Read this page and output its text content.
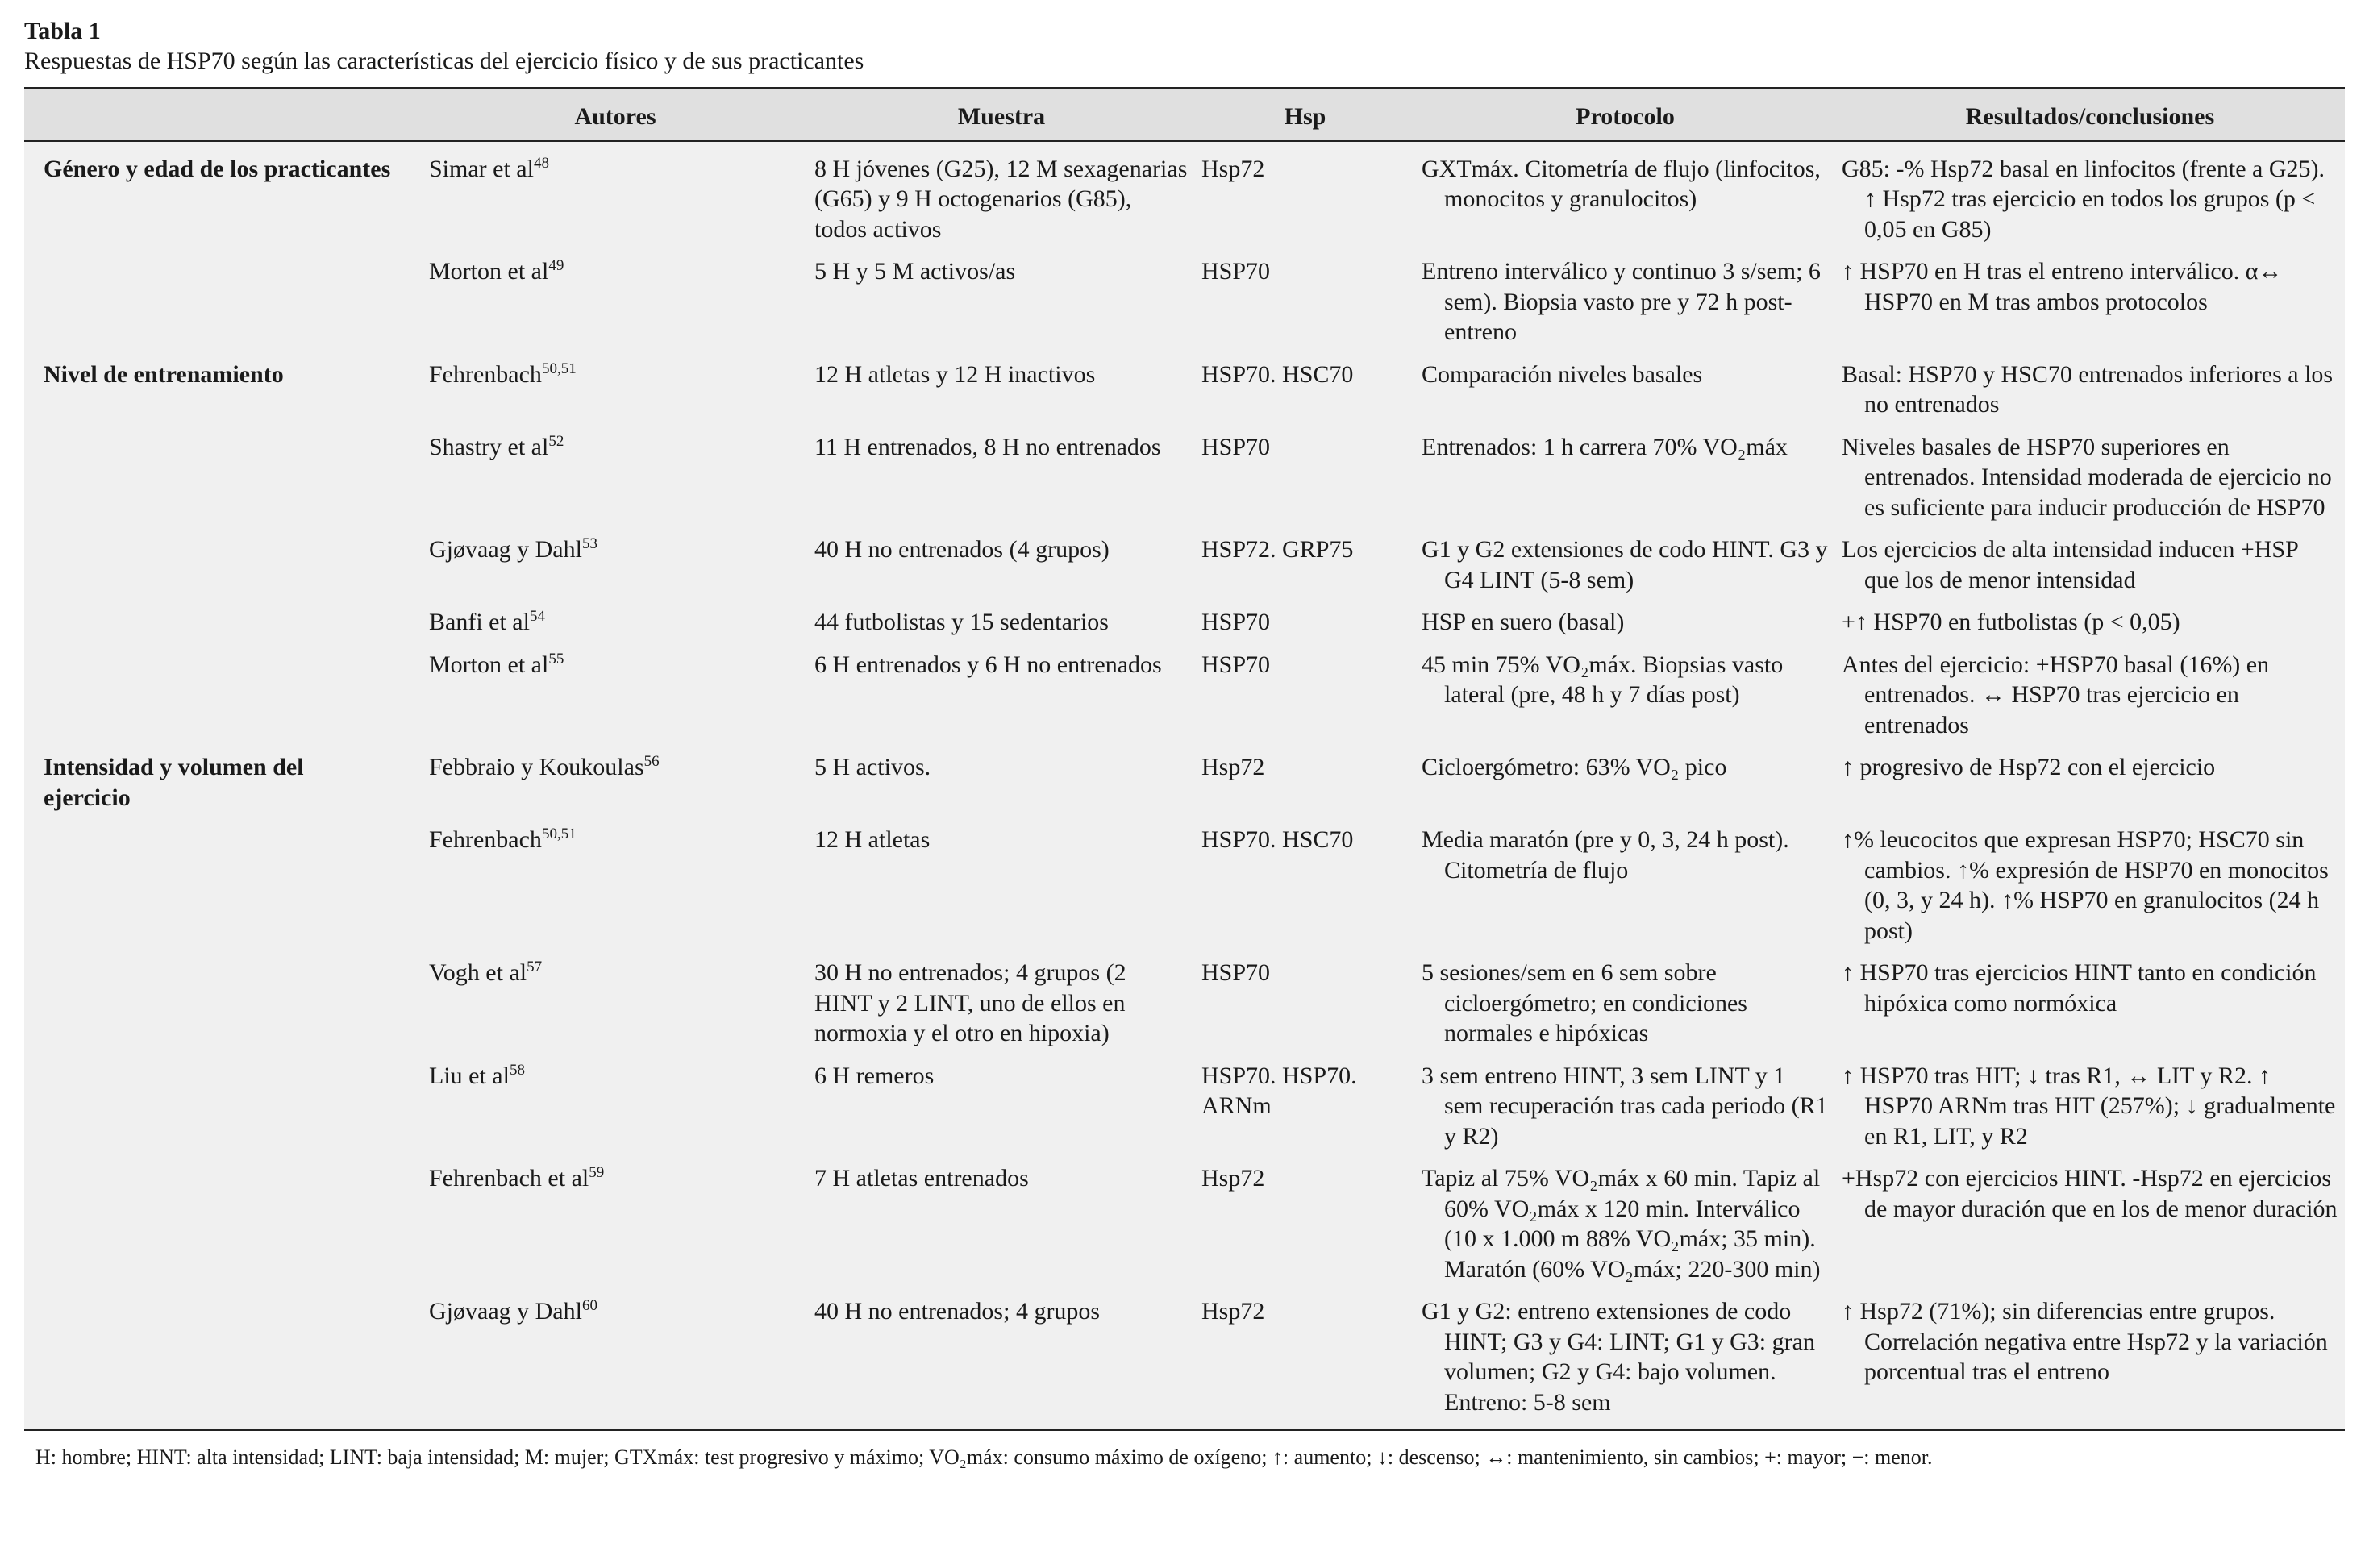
Tabla 1
Respuestas de HSP70 según las características del ejercicio físico y de sus practicantes
	Autores	Muestra	Hsp	Protocolo	Resultados/conclusiones
Género y edad de los practicantes	Simar et $al^{48}$	8 H jóvenes (G25), 12 M sexagenarias (G65) y 9 H octogenarios (G85), todos activos	Hsp72	GXTmáx. Citometría de flujo (linfocitos, monocitos y granulocitos)	G85: -% Hsp72 basal en linfocitos (frente a G25). ↑ Hsp72 tras ejercicio en todos los grupos (p < 0,05 en G85)
	Morton et $al^{49}$	5 H y 5 M activos/as	HSP70	Entreno interválico y continuo 3 s/sem; 6 sem). Biopsia vasto pre y 72 h post-entreno	↑ HSP70 en H tras el entreno interválico. α↔ HSP70 en M tras ambos protocolos
Nivel de entrenamiento	Fehrenbach$^{50,51}$	12 H atletas y 12 H inactivos	HSP70. HSC70	Comparación niveles basales	Basal: HSP70 y HSC70 entrenados inferiores a los no entrenados
	Shastry et $al^{52}$	11 H entrenados, 8 H no entrenados	HSP70	Entrenados: 1 h carrera 70% VO₂máx	Niveles basales de HSP70 superiores en entrenados. Intensidad moderada de ejercicio no es suficiente para inducir producción de HSP70
	Gjøvaag y Dahl$^{53}$	40 H no entrenados (4 grupos)	HSP72. GRP75	G1 y G2 extensiones de codo HINT. G3 y G4 LINT (5-8 sem)	Los ejercicios de alta intensidad inducen +HSP que los de menor intensidad
	Banfi et $al^{54}$	44 futbolistas y 15 sedentarios	HSP70	HSP en suero (basal)	+↑ HSP70 en futbolistas (p < 0,05)
	Morton et $al^{55}$	6 H entrenados y 6 H no entrenados	HSP70	45 min 75% VO₂máx. Biopsias vasto lateral (pre, 48 h y 7 días post)	Antes del ejercicio: +HSP70 basal (16%) en entrenados. ↔ HSP70 tras ejercicio en entrenados
Intensidad y volumen del ejercicio	Febbraio y Koukoulas$^{56}$	5 H activos.	Hsp72	Cicloergómetro: 63% VO₂ pico	↑ progresivo de Hsp72 con el ejercicio
	Fehrenbach$^{50,51}$	12 H atletas	HSP70. HSC70	Media maratón (pre y 0, 3, 24 h post). Citometría de flujo	↑% leucocitos que expresan HSP70; HSC70 sin cambios. ↑% expresión de HSP70 en monocitos (0, 3, y 24 h). ↑% HSP70 en granulocitos (24 h post)
	Vogh et $al^{57}$	30 H no entrenados; 4 grupos (2 HINT y 2 LINT, uno de ellos en normoxia y el otro en hipoxia)	HSP70	5 sesiones/sem en 6 sem sobre cicloergómetro; en condiciones normales e hipóxicas	↑ HSP70 tras ejercicios HINT tanto en condición hipóxica como normóxica
	Liu et $al^{58}$	6 H remeros	HSP70. HSP70. ARNm	3 sem entreno HINT, 3 sem LINT y 1 sem recuperación tras cada periodo (R1 y R2)	↑ HSP70 tras HIT; ↓ tras R1, ↔ LIT y R2. ↑ HSP70 ARNm tras HIT (257%); ↓ gradualmente en R1, LIT, y R2
	Fehrenbach et $al^{59}$	7 H atletas entrenados	Hsp72	Tapiz al 75% VO₂máx x 60 min. Tapiz al 60% VO₂máx x 120 min. Interválico (10 x 1.000 m 88% VO₂máx; 35 min). Maratón (60% VO₂máx; 220-300 min)	+Hsp72 con ejercicios HINT. -Hsp72 en ejercicios de mayor duración que en los de menor duración
	Gjøvaag y Dahl$^{60}$	40 H no entrenados; 4 grupos	Hsp72	G1 y G2: entreno extensiones de codo HINT; G3 y G4: LINT; G1 y G3: gran volumen; G2 y G4: bajo volumen. Entreno: 5-8 sem	↑ Hsp72 (71%); sin diferencias entre grupos. Correlación negativa entre Hsp72 y la variación porcentual tras el entreno
H: hombre; HINT: alta intensidad; LINT: baja intensidad; M: mujer; GTXmáx: test progresivo y máximo; VO₂máx: consumo máximo de oxígeno; ↑: aumento; ↓: descenso; ↔: mantenimiento, sin cambios; +: mayor; −: menor.
